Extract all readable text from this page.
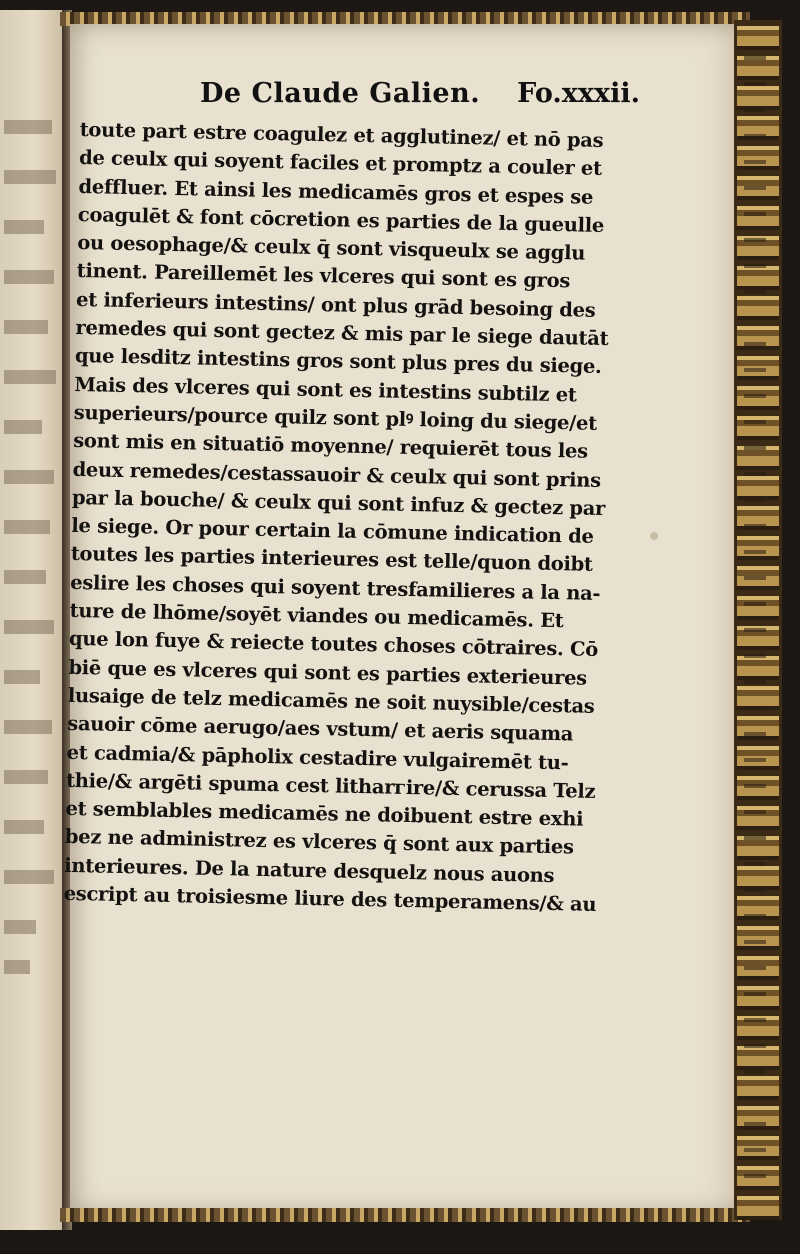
De Claude Galien. Fo.xxxii.
toute part estre coagulez et agglutinez/ et nō pas
de ceulx qui soyent faciles et promptz a couler et
deffluer. Et ainsi les medicamēs gros et espes se
coagulēt & font cōcretion es parties de la gueulle
ou oesophage/& ceulx q̄ sont visqueulx se agglu
tinent. Pareillemēt les vlceres qui sont es gros
et inferieurs intestins/ ont plus grād besoing des
remedes qui sont gectez & mis par le siege dautāt
que lesditz intestins gros sont plus pres du siege.
Mais des vlceres qui sont es intestins subtilz et
superieurs/pource quilz sont plꝰ loing du siege/et
sont mis en situatiō moyenne/ requierēt tous les
deux remedes/cestassauoir & ceulx qui sont prins
par la bouche/ & ceulx qui sont infuz & gectez par
le siege. Or pour certain la cōmune indication de
toutes les parties interieures est telle/quon doibt
eslire les choses qui soyent tresfamilieres a la na-
ture de lhōme/soyēt viandes ou medicamēs. Et
que lon fuye & reiecte toutes choses cōtraires. Cō
biē que es vlceres qui sont es parties exterieures
lusaige de telz medicamēs ne soit nuysible/cestas
sauoir cōme aerugo/aes vstum/ et aeris squama
et cadmia/& pāpholix cestadire vulgairemēt tu-
thie/& argēti spuma cest litharгire/& cerussa Telz
et semblables medicamēs ne doibuent estre exhi
bez ne administrez es vlceres q̄ sont aux parties
interieures. De la nature desquelz nous auons
escript au troisiesme liure des temperamens/& au
